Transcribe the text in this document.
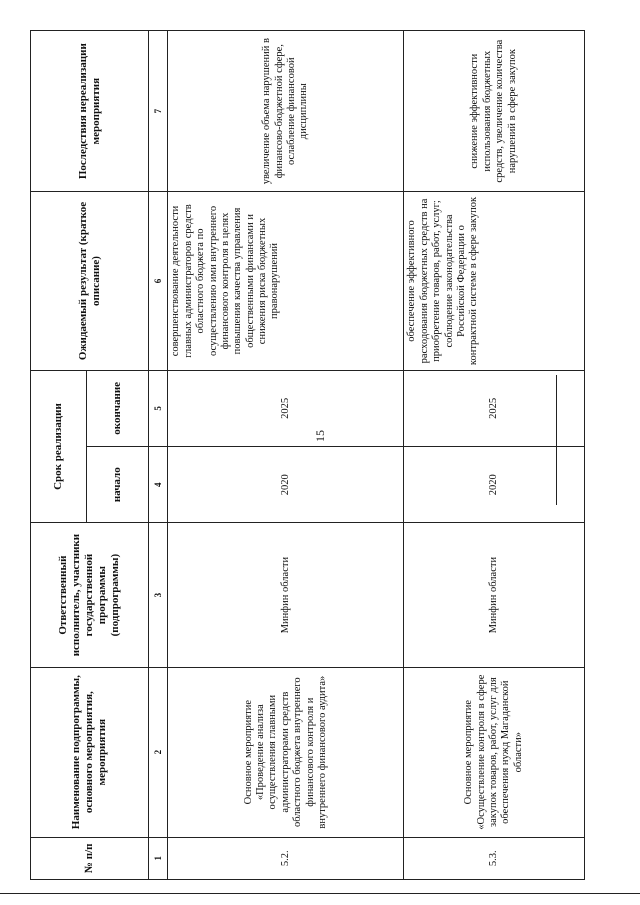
15
№ п/п	Наименование подпрограммы, основного мероприятия, мероприятия	Ответственный исполнитель, участники государственной программы (подпрограммы)	Срок реализации		Ожидаемый результат (краткое описание)	Последствия нереализации мероприятия
			начало	окончание		
1	2	3	4	5	6	7
5.2.	Основное мероприятие «Проведение анализа осуществления главными администраторами средств областного бюджета внутреннего финансового контроля и внутреннего финансового аудита»	Минфин области	2020	2025	совершенствование деятельности главных администраторов средств областного бюджета по осуществлению ими внутреннего финансового контроля в целях повышения качества управления общественными финансами и снижения риска бюджетных правонарушений	увеличение объема нарушений в финансово-бюджетной сфере, ослабление финансовой дисциплины
5.3.	Основное мероприятие «Осуществление контроля в сфере закупок товаров, работ, услуг для обеспечения нужд Магаданской области»	Минфин области	2020	2025	обеспечение эффективного расходования бюджетных средств на приобретение товаров, работ, услуг; соблюдение законодательства Российской Федерации о контрактной системе в сфере закупок	снижение эффективности использования бюджетных средств, увеличение количества нарушений в сфере закупок
